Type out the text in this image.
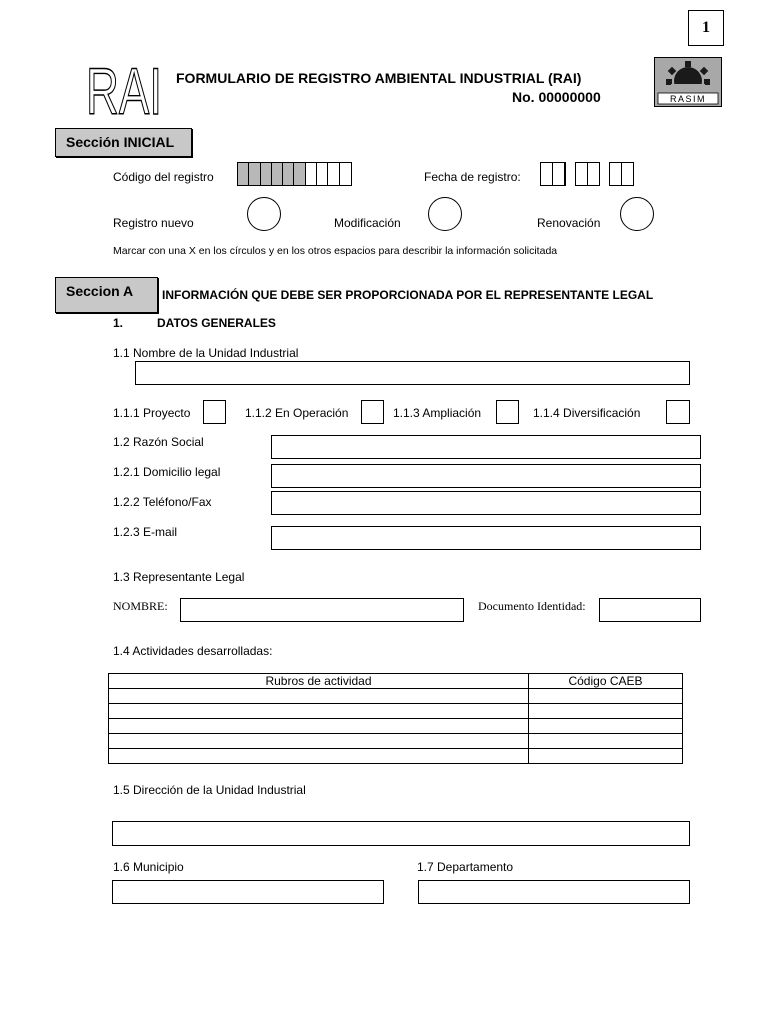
1
RAI FORMULARIO DE REGISTRO AMBIENTAL INDUSTRIAL (RAI)
No. 00000000	RASIM
Sección INICIAL
Código del registro	Fecha de registro:
Registro nuevo	Modificación	Renovación
Marcar con una X en los círculos y en los otros espacios para describir la información solicitada
Seccion A	INFORMACIÓN QUE DEBE SER PROPORCIONADA POR EL REPRESENTANTE LEGAL
1.	DATOS GENERALES
1.1 Nombre de la Unidad Industrial
1.1.1 Proyecto	1.1.2 En Operación	1.1.3 Ampliación	1.1.4 Diversificación
1.2 Razón Social
1.2.1 Domicilio legal
1.2.2 Teléfono/Fax
1.2.3 E-mail
1.3 Representante Legal
NOMBRE:	Documento Identidad:
1.4 Actividades desarrolladas:
Rubros de actividad	Código CAEB

1.5 Dirección de la Unidad Industrial
1.6 Municipio	1.7 Departamento
